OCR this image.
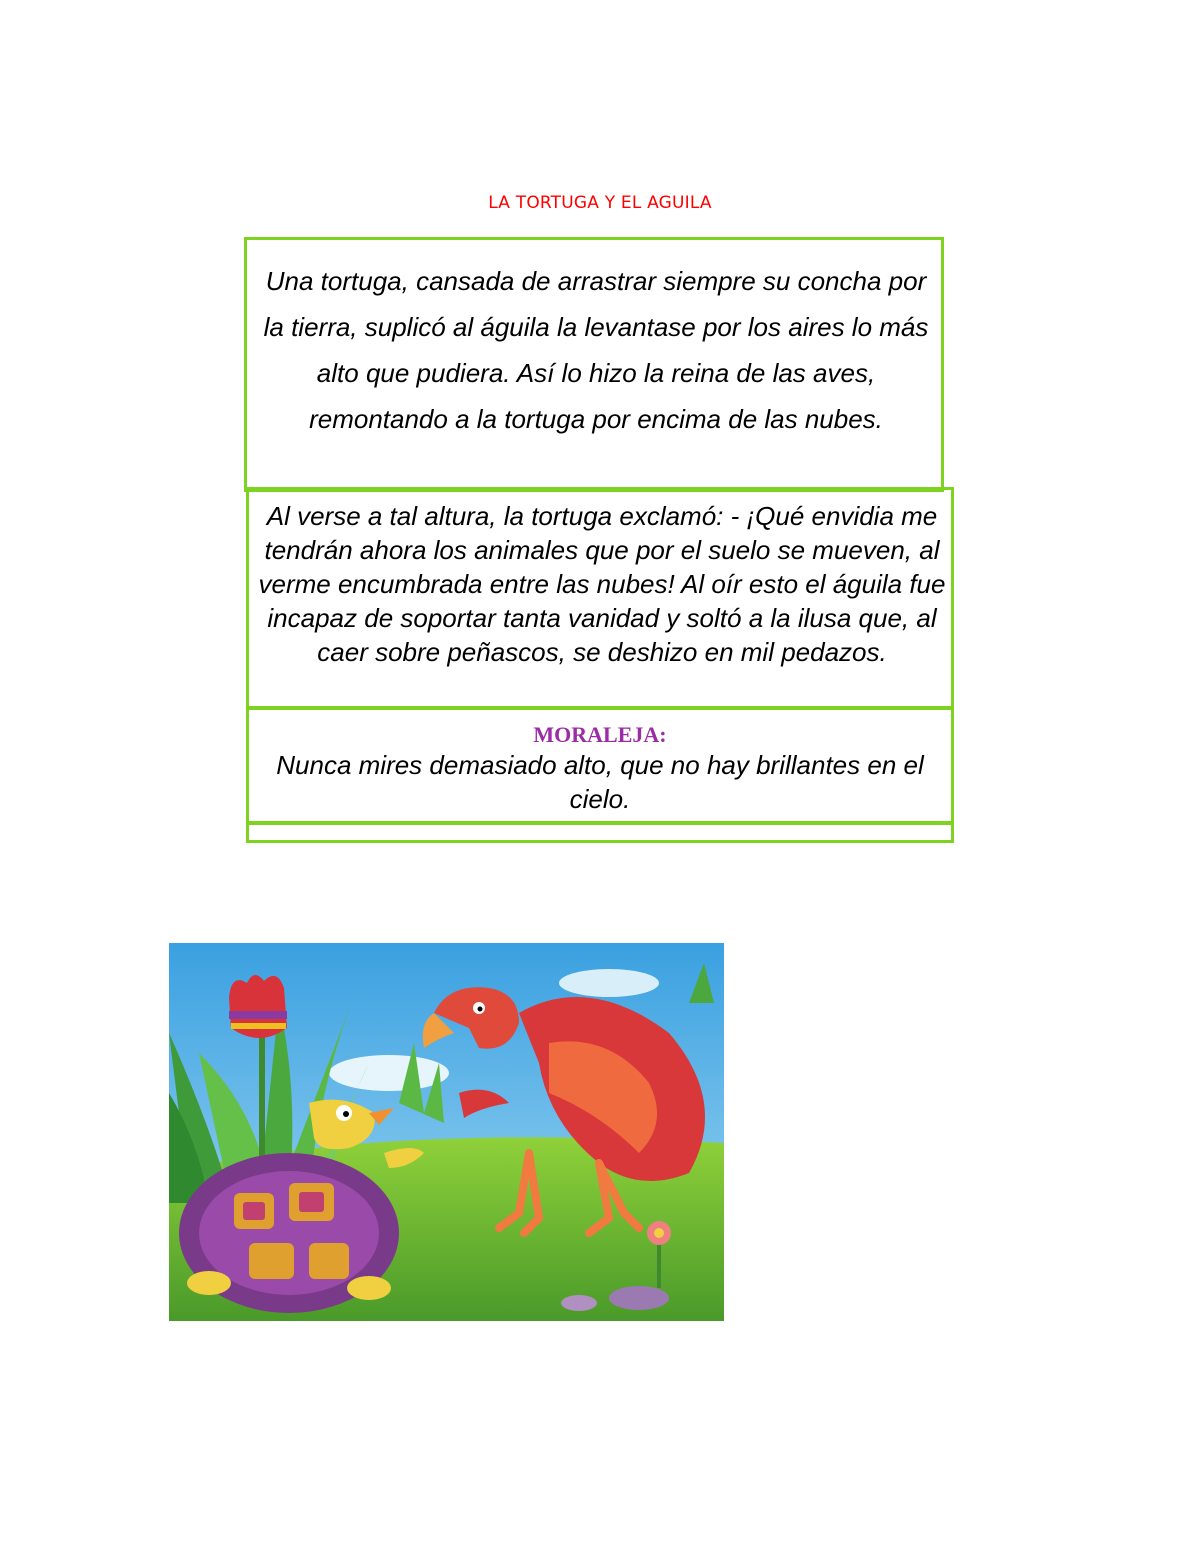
LA TORTUGA Y EL AGUILA

Una tortuga, cansada de arrastrar siempre su concha por la tierra, suplicó al águila la levantase por los aires lo más alto que pudiera. Así lo hizo la reina de las aves, remontando a la tortuga por encima de las nubes.

Al verse a tal altura, la tortuga exclamó: - ¡Qué envidia me tendrán ahora los animales que por el suelo se mueven, al verme encumbrada entre las nubes! Al oír esto el águila fue incapaz de soportar tanta vanidad y soltó a la ilusa que, al caer sobre peñascos, se deshizo en mil pedazos.

MORALEJA:

Nunca mires demasiado alto, que no hay brillantes en el cielo.
